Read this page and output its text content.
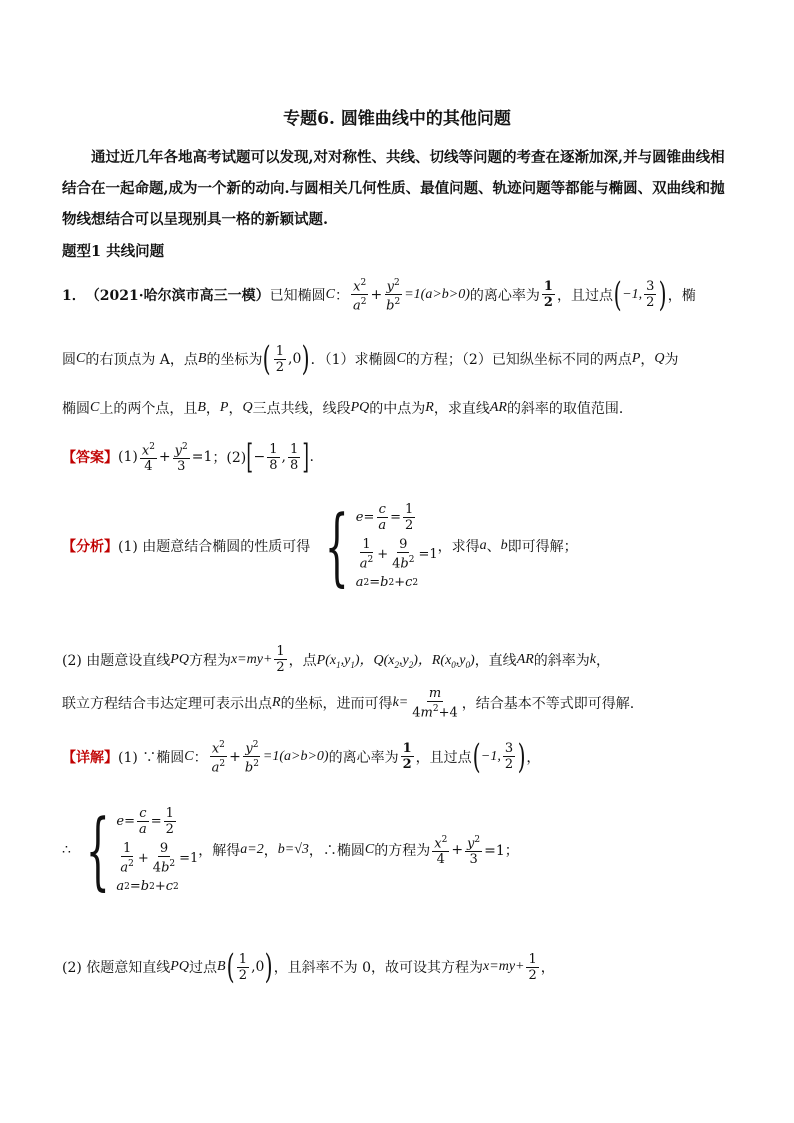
专题6. 圆锥曲线中的其他问题
通过近几年各地高考试题可以发现,对对称性、共线、切线等问题的考查在逐渐加深,并与圆锥曲线相结合在一起命题,成为一个新的动向.与圆相关几何性质、最值问题、轨迹问题等都能与椭圆、双曲线和抛物线想结合可以呈现别具一格的新颖试题.
题型1 共线问题
1． （2021·哈尔滨市高三一模） 已知椭圆 C ： $\frac{x^2}{a^2} + \frac{y^2}{b^2} =1(a>b>0)$ 的离心率为 $\frac{1}{2}$ ，且过点 ( −1, $\frac{3}{2}$ ) ，椭
圆 C 的右顶点为 A，点 B 的坐标为 ( $\frac{1}{2} ,0$ ) ．（1）求椭圆 C 的方程；（2）已知纵坐标不同的两点 P ， Q 为
椭圆 C 上的两个点，且 B ， P ， Q 三点共线，线段 PQ 的中点为 R ，求直线 AR 的斜率的取值范围．
【答案】 $(1) \frac{x^2}{4} + \frac{y^2}{3} =1$ ；(2) [ − $\frac{1}{8}$ , $\frac{1}{8}$ ] .
【分析】 (1) 由题意结合椭圆的性质可得 { $e = \frac{c}{a} = \frac{1}{2}$
$\frac{1}{a^2} + \frac{9}{4b^2} =1$
a 2 = b 2 + c 2
，求得 a 、 b 即可得解；
(2) 由题意设直线 PQ 方程为 $x=my+ \frac{1}{2}$ ，点 $P(x_1,y_1)$，$Q(x_2,y_2)$，$R(x_0,y_0)$ ，直线 AR 的斜率为 k ，
联立方程结合韦达定理可表示出点 R 的坐标，进而可得 $k= \frac{m}{4m^2+4}$ ，结合基本不等式即可得解.
【详解】 (1) ∵椭圆 C ： $\frac{x^2}{a^2} + \frac{y^2}{b^2} =1(a>b>0)$ 的离心率为 $\frac{1}{2}$ ，且过点 ( −1, $\frac{3}{2}$ ) ，
∴ { $e = \frac{c}{a} = \frac{1}{2}$
$\frac{1}{a^2} + \frac{9}{4b^2} =1$
a 2 = b 2 + c 2
，解得 a=2 ， b=√3 ，∴椭圆 C 的方程为 $\frac{x^2}{4} + \frac{y^2}{3} =1$；
(2) 依题意知直线 PQ 过点 B ( $\frac{1}{2} ,0$ ) ，且斜率不为 0，故可设其方程为 $x=my+ \frac{1}{2}$ ，
